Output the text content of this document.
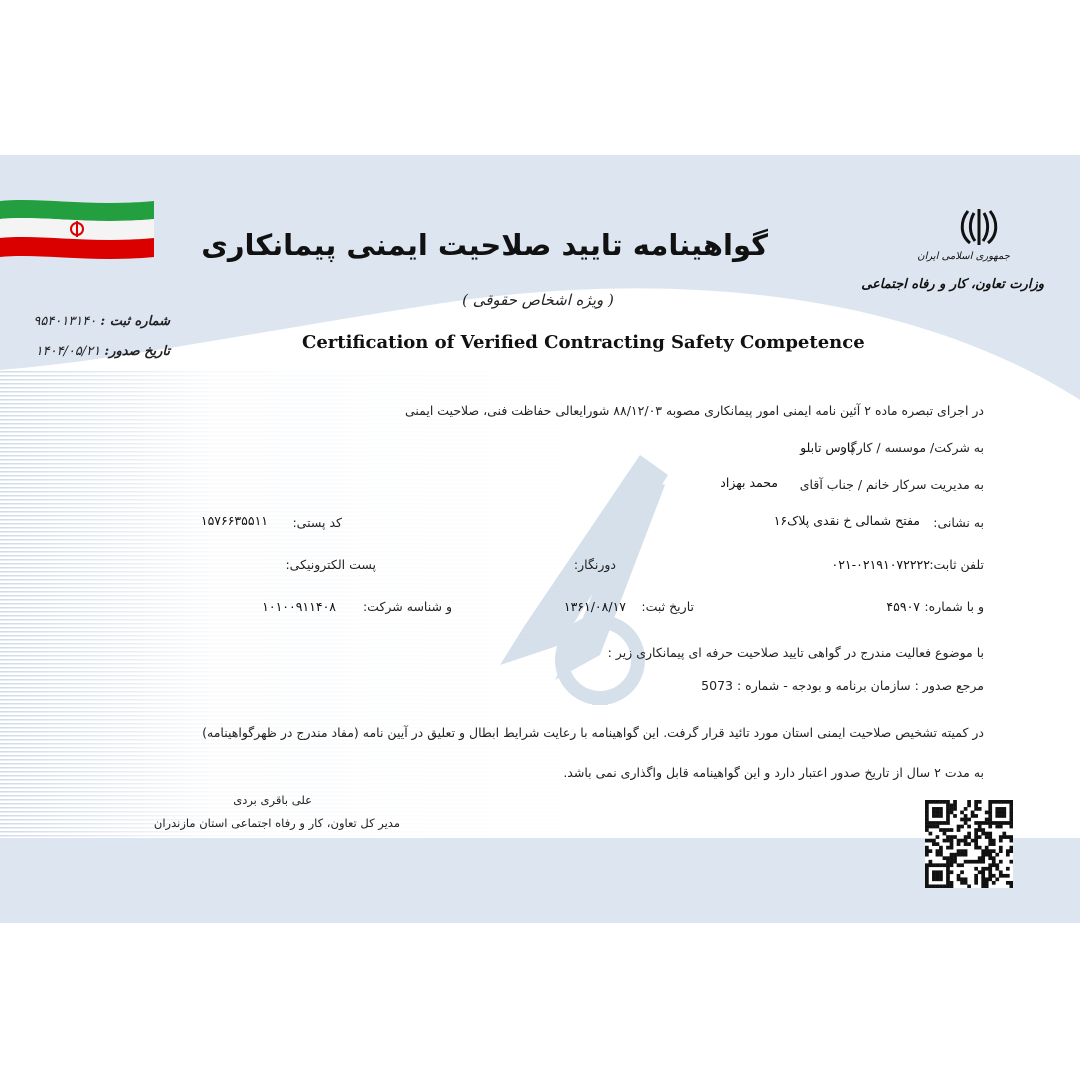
جمهوری اسلامی ایران
وزارت تعاون، کار و رفاه اجتماعی
گواهینامه تایید صلاحیت ایمنی پیمانکاری
( ویژه اشخاص حقوقی )
Certification of Verified Contracting Safety Competence
شماره ثبت : ۹۵۴۰۱۳۱۴۰
تاریخ صدور: ۱۴۰۴/۰۵/۲۱
در اجرای تبصره ماده ۲ آئین نامه ایمنی امور پیمانکاری مصوبه ۸۸/۱۲/۰۳ شورایعالی حفاظت فنی، صلاحیت ایمنی
به شرکت/ موسسه / کارگاه
پارس تابلو
به مدیریت سرکار خانم / جناب آقای
محمد بهزاد
به نشانی:
مفتح شمالی خ نقدی پلاک۱۶
کد پستی:
۱۵۷۶۶۳۵۵۱۱
تلفن ثابت:
۰۲۱-۰۲۱۹۱۰۷۲۲۲۲
دورنگار:
پست الکترونیکی:
و با شماره:
۴۵۹۰۷
تاریخ ثبت:
۱۳۶۱/۰۸/۱۷
و شناسه شرکت:
۱۰۱۰۰۹۱۱۴۰۸
با موضوع فعالیت مندرج در گواهی تایید صلاحیت حرفه ای پیمانکاری زیر :
مرجع صدور : سازمان برنامه و بودجه - شماره : 5073
در کمیته تشخیص صلاحیت ایمنی استان مورد تائید قرار گرفت. این گواهینامه با رعایت شرایط ابطال و تعلیق در آیین نامه (مفاد مندرج در ظهرگواهینامه)
به مدت ۲ سال از تاریخ صدور اعتبار دارد و این گواهینامه قابل واگذاری نمی باشد.
علی باقری بردی
مدیر کل تعاون، کار و رفاه اجتماعی استان مازندران
